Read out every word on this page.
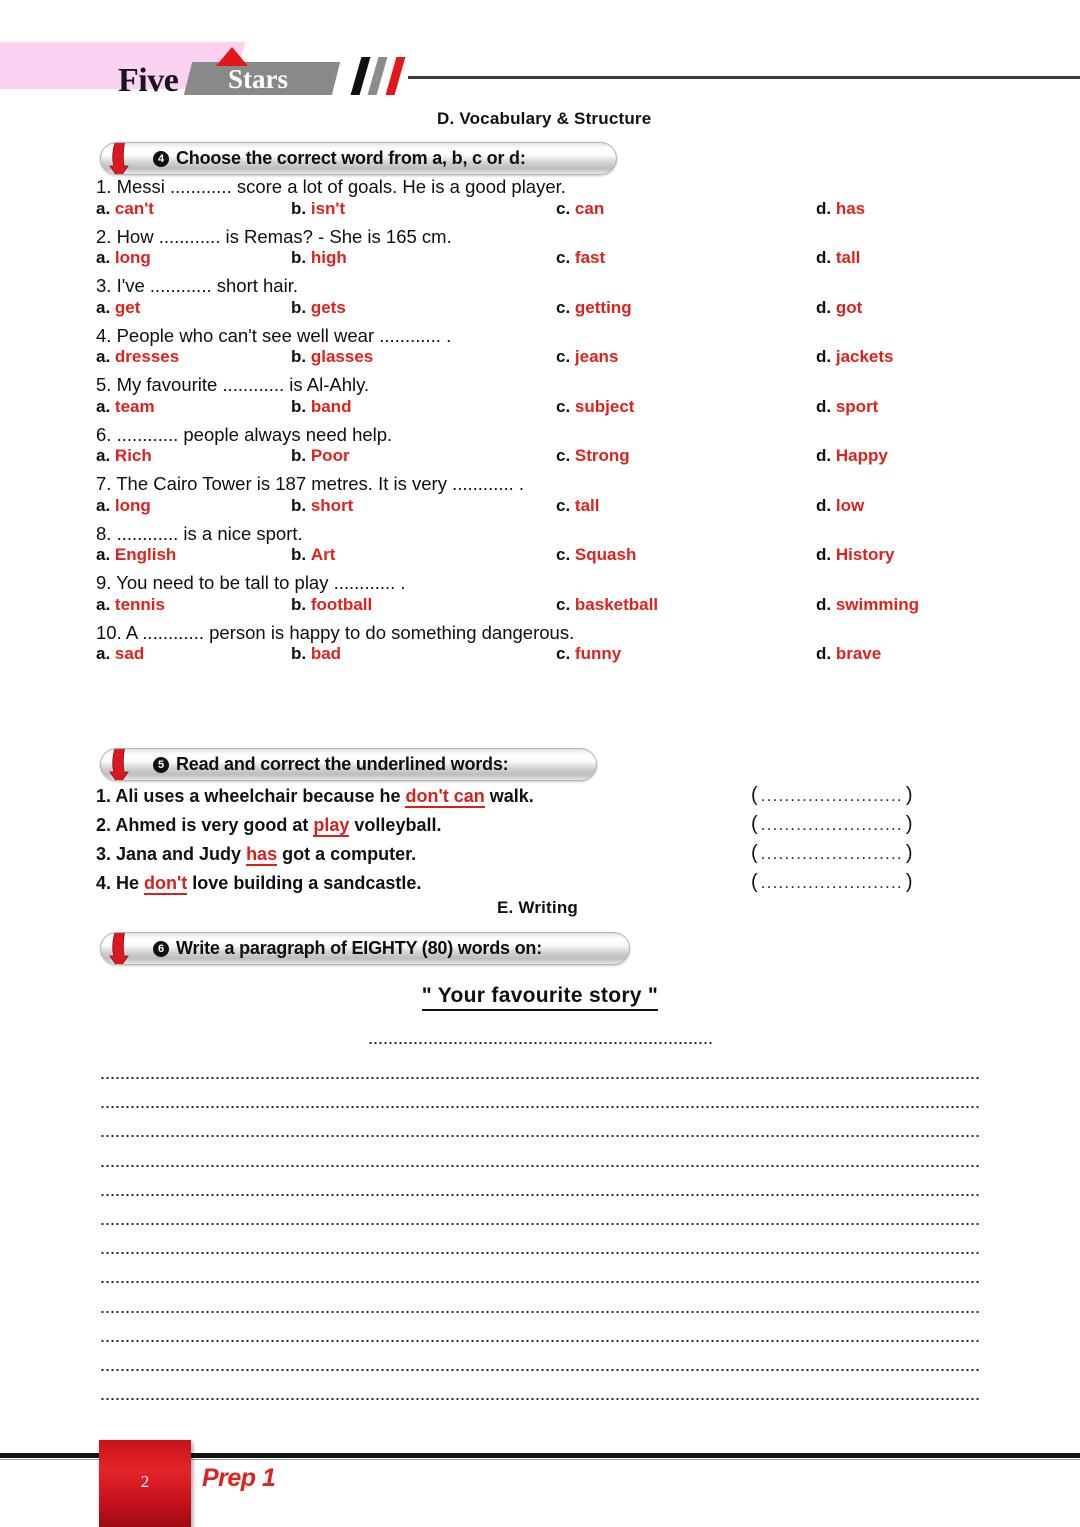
Five Stars
D. Vocabulary & Structure
4 Choose the correct word from a, b, c or d:
1. Messi ............ score a lot of goals. He is a good player.
a. can't	b. isn't	c. can	d. has
2. How ............ is Remas? - She is 165 cm.
a. long	b. high	c. fast	d. tall
3. I've ............ short hair.
a. get	b. gets	c. getting	d. got
4. People who can't see well wear ............ .
a. dresses	b. glasses	c. jeans	d. jackets
5. My favourite ............ is Al-Ahly.
a. team	b. band	c. subject	d. sport
6. ............ people always need help.
a. Rich	b. Poor	c. Strong	d. Happy
7. The Cairo Tower is 187 metres. It is very ............ .
a. long	b. short	c. tall	d. low
8. ............ is a nice sport.
a. English	b. Art	c. Squash	d. History
9. You need to be tall to play ............ .
a. tennis	b. football	c. basketball	d. swimming
10. A ............ person is happy to do something dangerous.
a. sad	b. bad	c. funny	d. brave
5 Read and correct the underlined words:
1. Ali uses a wheelchair because he don't can walk.	( ........................ )
2. Ahmed is very good at play volleyball.	( ........................ )
3. Jana and Judy has got a computer.	( ........................ )
4. He don't love building a sandcastle.	( ........................ )
E. Writing
6 Write a paragraph of EIGHTY (80) words on:
" Your favourite story "
2	Prep 1
